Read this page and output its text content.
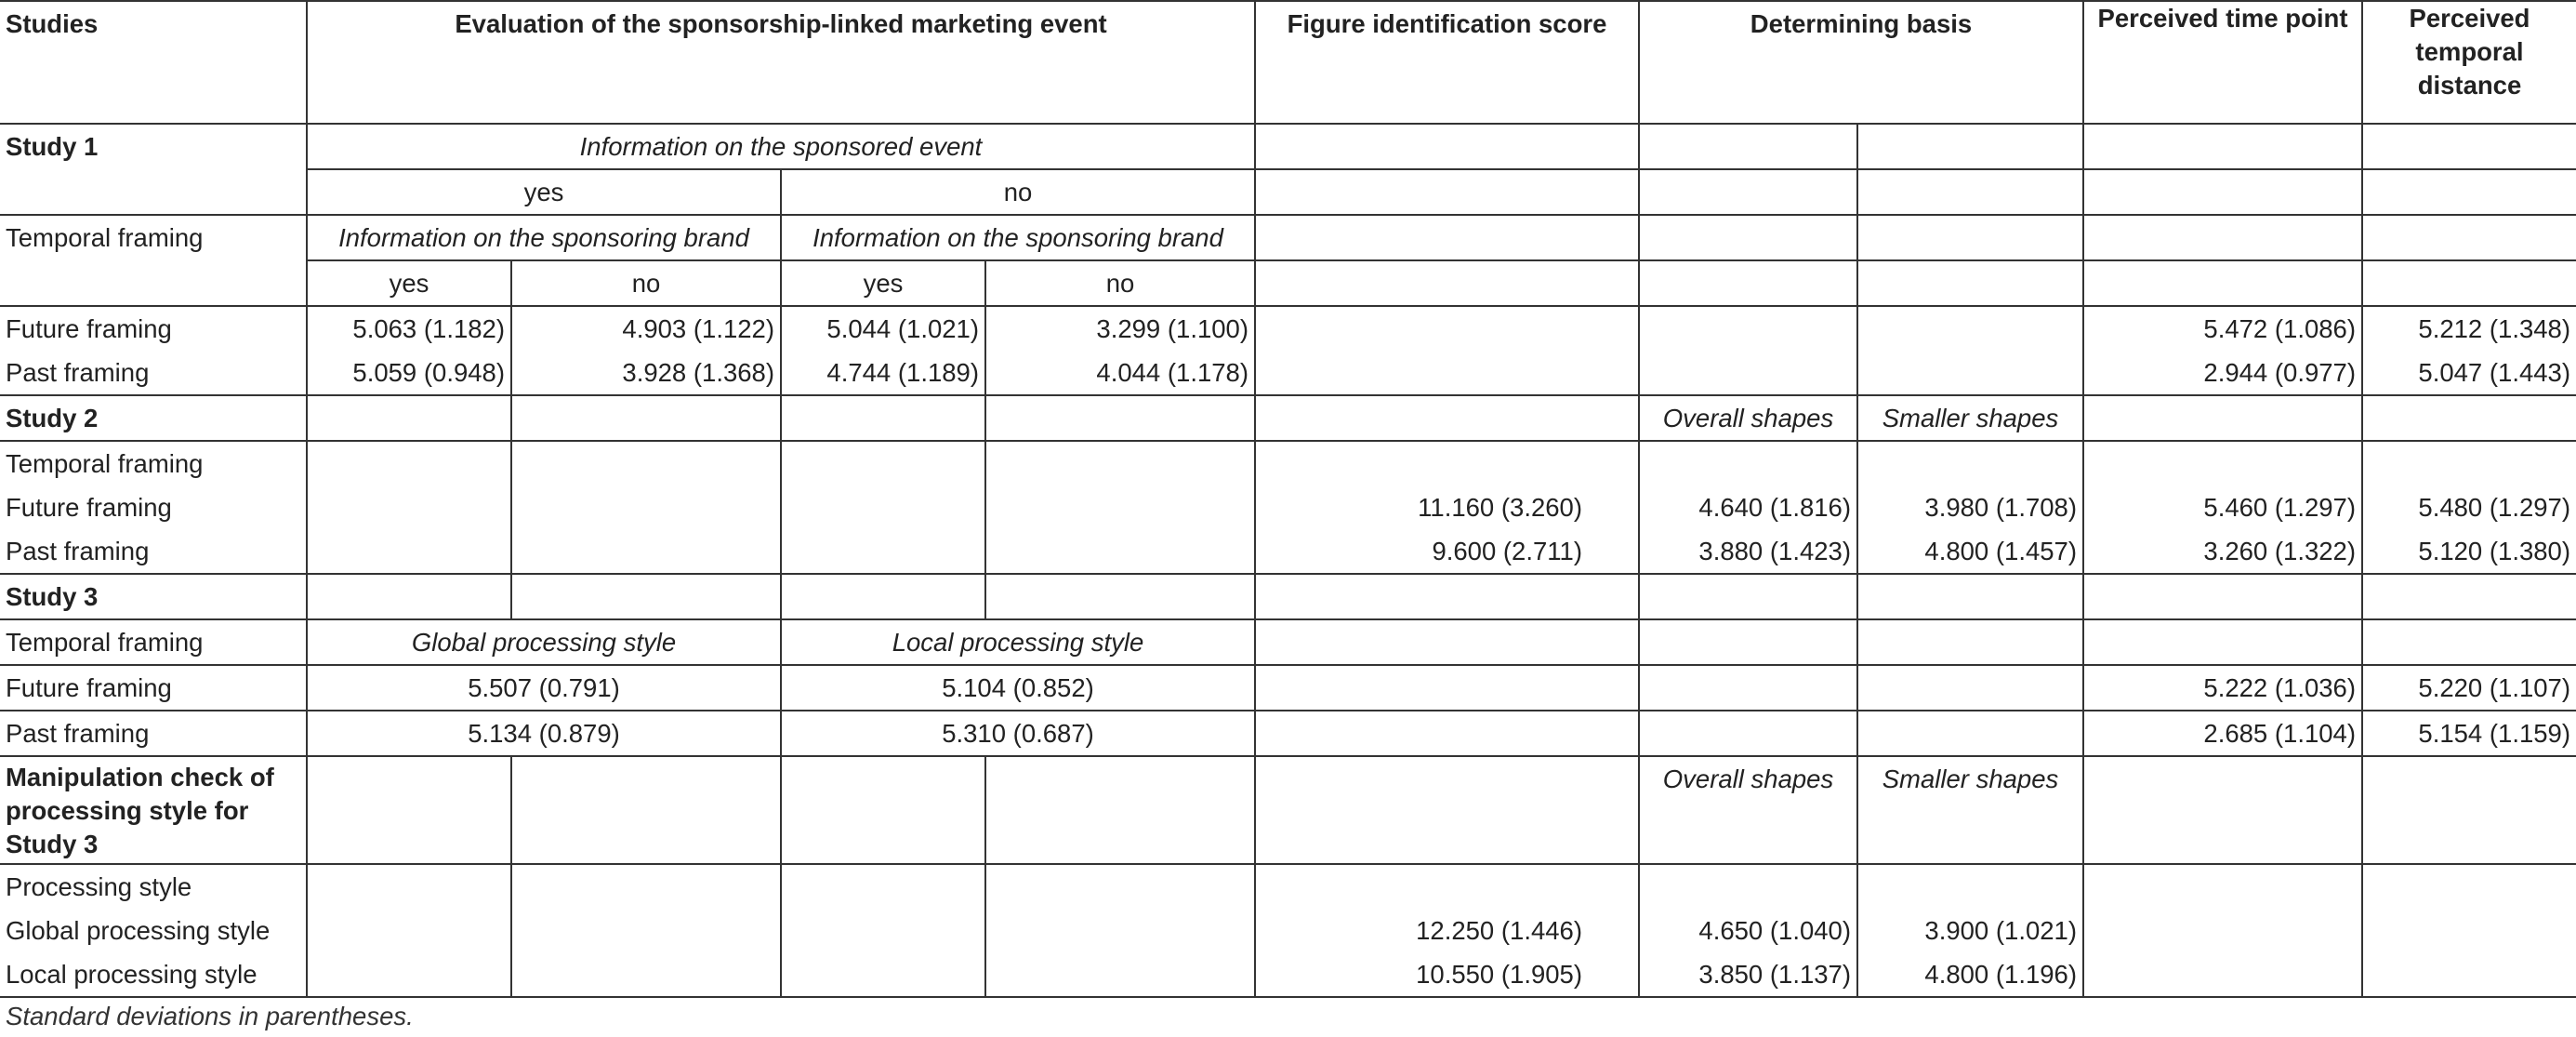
Studies	Evaluation of the sponsorship-linked marketing event				Figure identification score	Determining basis		Perceived time point	Perceived temporal distance
Study 1	Information on the sponsored event								
	yes		no						
Temporal framing	Information on the sponsoring brand		Information on the sponsoring brand						
	yes	no	yes	no					
Future framing	5.063 (1.182)	4.903 (1.122)	5.044 (1.021)	3.299 (1.100)				5.472 (1.086)	5.212 (1.348)
Past framing	5.059 (0.948)	3.928 (1.368)	4.744 (1.189)	4.044 (1.178)				2.944 (0.977)	5.047 (1.443)
Study 2						Overall shapes	Smaller shapes		
Temporal framing									
Future framing					11.160 (3.260)	4.640 (1.816)	3.980 (1.708)	5.460 (1.297)	5.480 (1.297)
Past framing					9.600 (2.711)	3.880 (1.423)	4.800 (1.457)	3.260 (1.322)	5.120 (1.380)
Study 3									
Temporal framing	Global processing style		Local processing style						
Future framing	5.507 (0.791)		5.104 (0.852)					5.222 (1.036)	5.220 (1.107)
Past framing	5.134 (0.879)		5.310 (0.687)					2.685 (1.104)	5.154 (1.159)
Manipulation check of processing style for Study 3						Overall shapes	Smaller shapes		
Processing style									
Global processing style					12.250 (1.446)	4.650 (1.040)	3.900 (1.021)		
Local processing style					10.550 (1.905)	3.850 (1.137)	4.800 (1.196)		
Standard deviations in parentheses.
